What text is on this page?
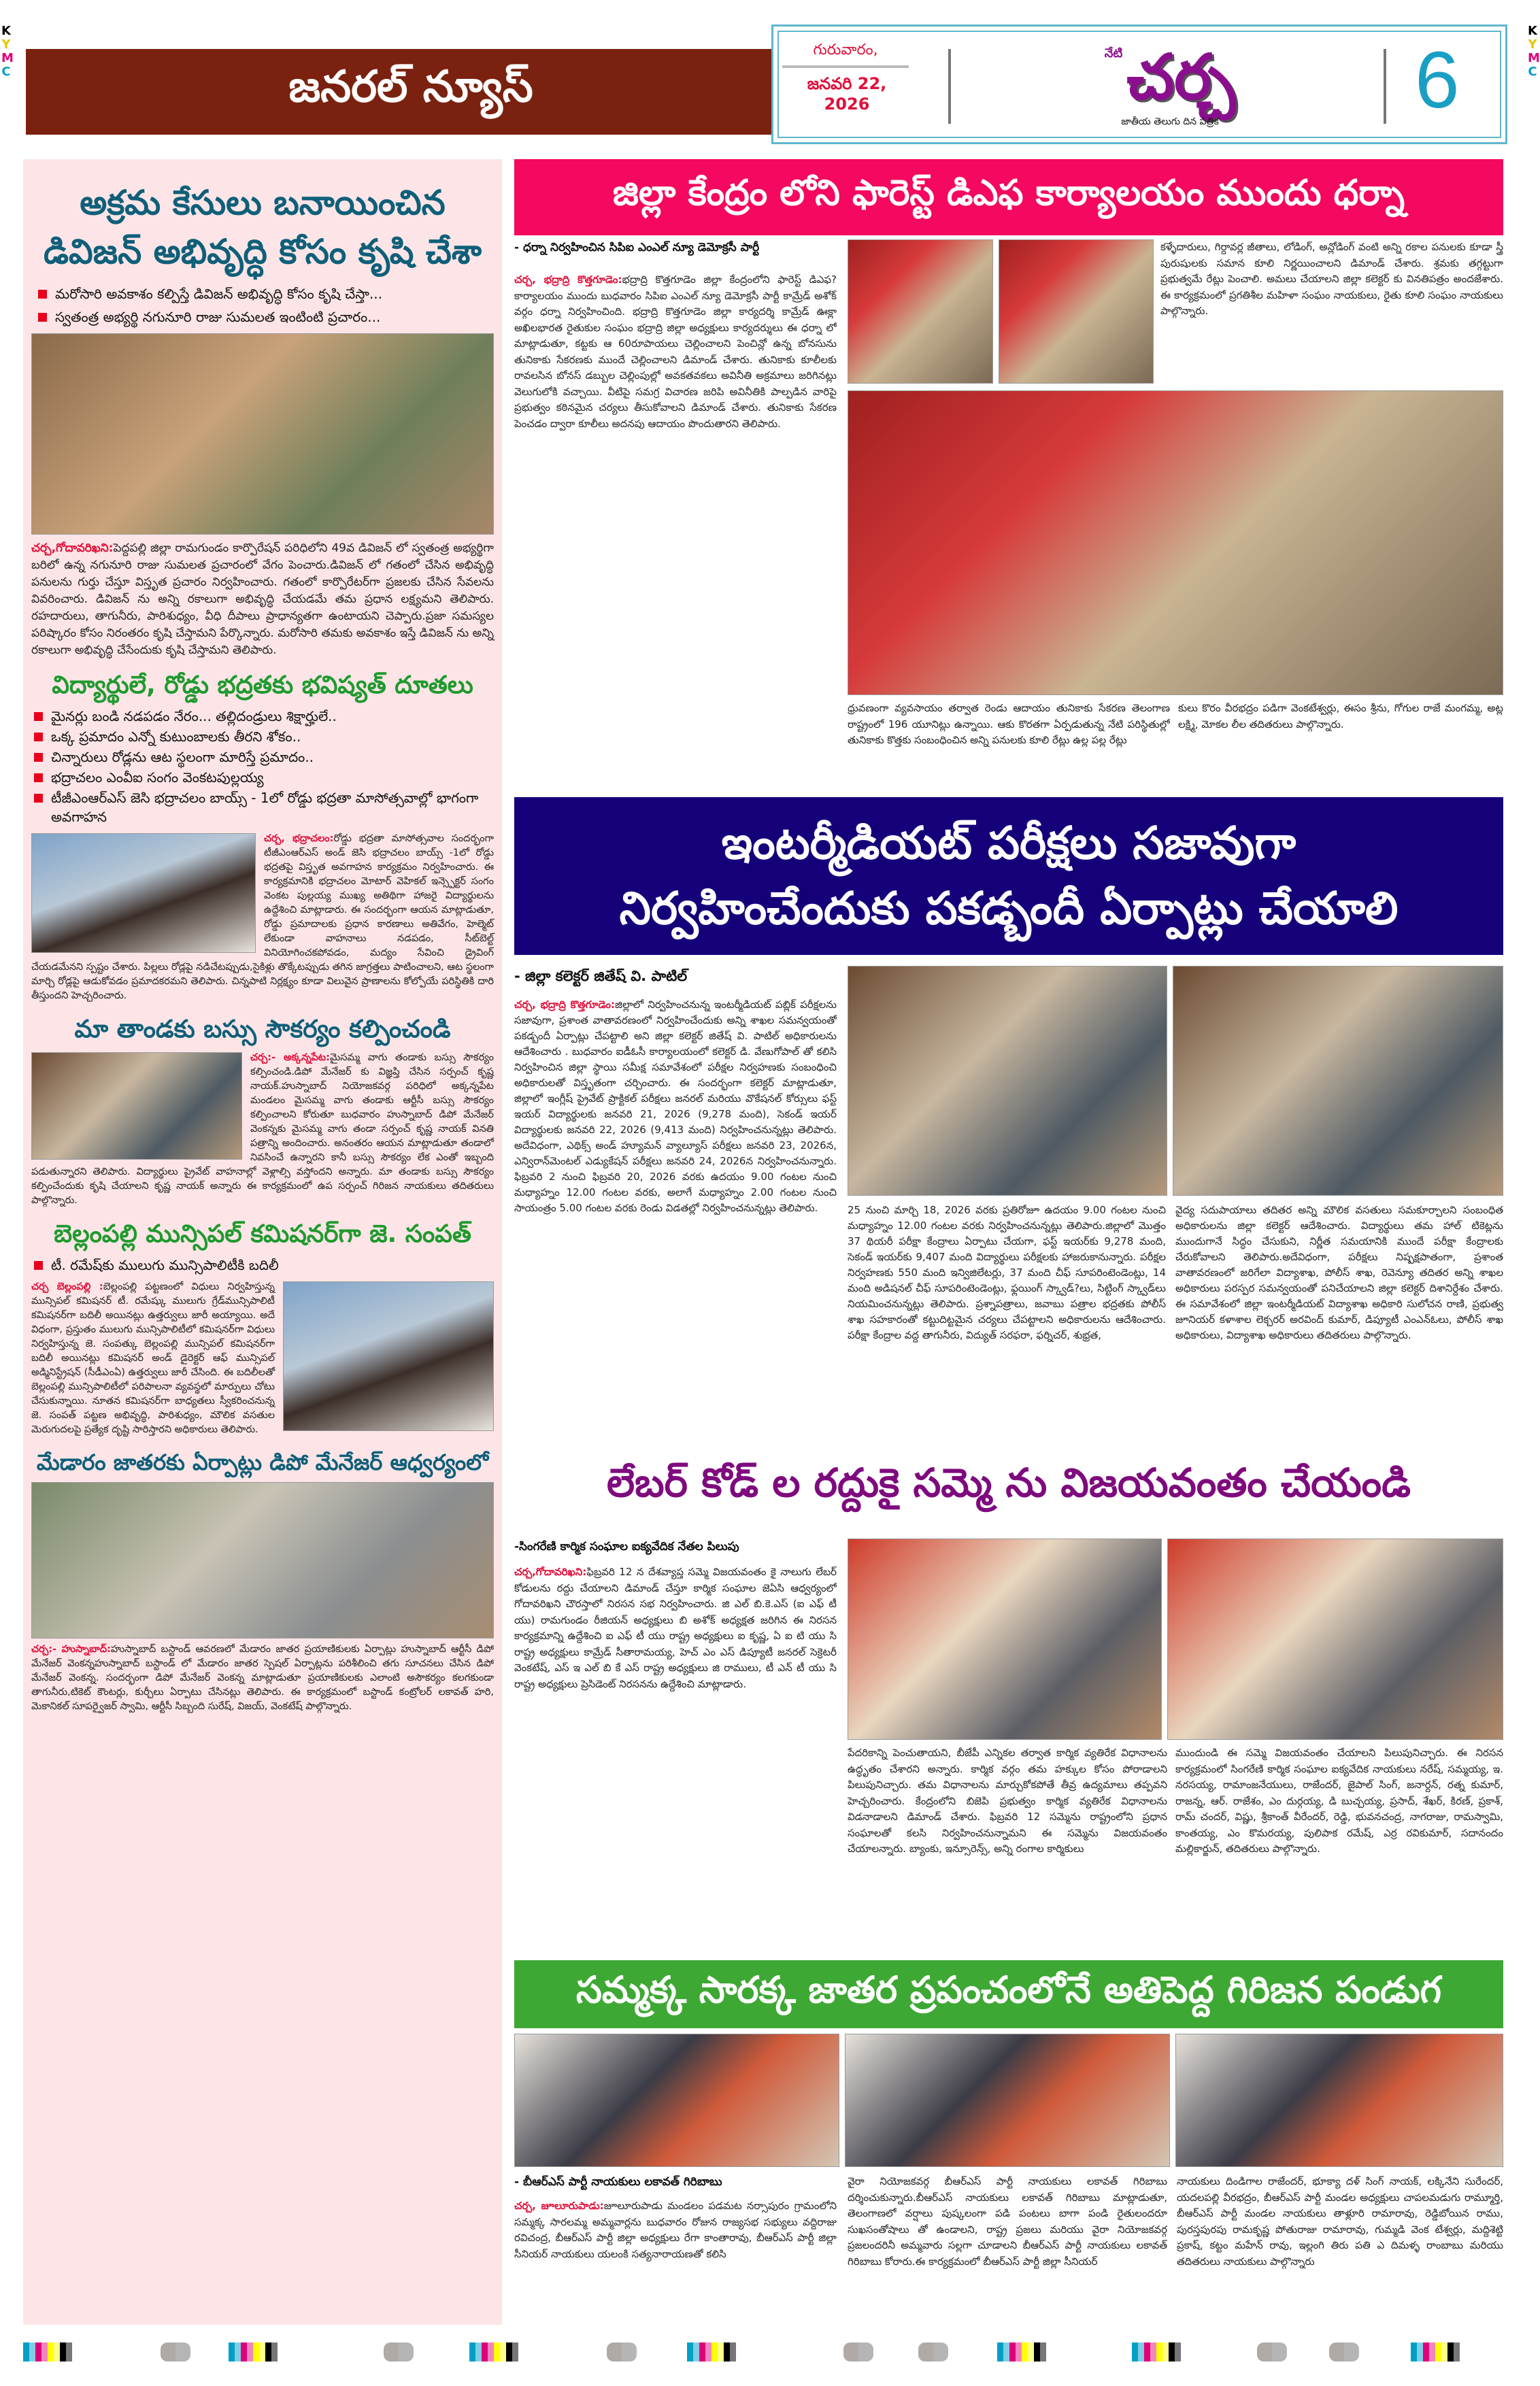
K
Y
M
C
K
Y
M
C
జనరల్ న్యూస్
గురువారం,
జనవరి 22, 2026
నేటి చర్చ
జాతీయ తెలుగు దిన పత్రిక 6
అక్రమ కేసులు బనాయించిన డివిజన్ అభివృద్ధి కోసం కృషి చేశా
మరోసారి అవకాశం కల్పిస్తే డివిజన్ అభివృద్ధి కోసం కృషి చేస్తా...
స్వతంత్ర అభ్యర్థి నగునూరి రాజు సుమలత ఇంటింటి ప్రచారం...
చర్చ,గోదావరిఖని:పెద్దపల్లి జిల్లా రామగుండం కార్పొరేషన్ పరిధిలోని 49వ డివిజన్ లో స్వతంత్ర అభ్యర్థిగా బరిలో ఉన్న నగునూరి రాజు సుమలత ప్రచారంలో వేగం పెంచారు.డివిజన్ లో గతంలో చేసిన అభివృద్ధి పనులను గుర్తు చేస్తూ విస్తృత ప్రచారం నిర్వహించారు. గతంలో కార్పొరేటర్‌గా ప్రజలకు చేసిన సేవలను వివరించారు. డివిజన్ ను అన్ని రకాలుగా అభివృద్ధి చేయడమే తమ ప్రధాన లక్ష్యమని తెలిపారు. రహదారులు, తాగునీరు, పారిశుధ్యం, వీధి దీపాలు ప్రాధాన్యతగా ఉంటాయని చెప్పారు.ప్రజా సమస్యల పరిష్కారం కోసం నిరంతరం కృషి చేస్తామని పేర్కొన్నారు. మరోసారి తమకు అవకాశం ఇస్తే డివిజన్ ను అన్ని రకాలుగా అభివృద్ధి చేసేందుకు కృషి చేస్తామని తెలిపారు.
విద్యార్థులే, రోడ్డు భద్రతకు భవిష్యత్ దూతలు
మైనర్లు బండి నడపడం నేరం... తల్లిదండ్రులు శిక్షార్హులే..
ఒక్క ప్రమాదం ఎన్నో కుటుంబాలకు తీరని శోకం..
చిన్నారులు రోడ్లను ఆట స్థలంగా మారిస్తే ప్రమాదం..
భద్రాచలం ఎంవీఐ సంగం వెంకటపుల్లయ్య
టీజీఎంఆర్ఎస్ జెసి భద్రాచలం బాయ్స్ - 1లో రోడ్డు భద్రతా మాసోత్సవాల్లో భాగంగా అవగాహన
చర్చ, భద్రాచలం:రోడ్డు భద్రతా మాసోత్సవాల సందర్భంగా టీజీఎంఆర్ఎస్ అండ్ జెసి భద్రాచలం బాయ్స్ -1లో రోడ్డు భద్రతపై విస్తృత అవగాహన కార్యక్రమం నిర్వహించారు. ఈ కార్యక్రమానికి భద్రాచలం మోటార్ వెహికల్ ఇన్స్పెక్టర్ సంగం వెంకట పుల్లయ్య ముఖ్య అతిథిగా హాజరై విద్యార్థులను ఉద్దేశించి మాట్లాడారు. ఈ సందర్భంగా ఆయన మాట్లాడుతూ, రోడ్డు ప్రమాదాలకు ప్రధాన కారణాలు అతివేగం, హెల్మెట్ లేకుండా వాహనాలు నడపడం, సీట్‌బెల్ట్ వినియోగించకపోవడం, మద్యం సేవించి డ్రైవింగ్ చేయడమేనని స్పష్టం చేశారు. పిల్లలు రోడ్లపై నడిచేటప్పుడు,సైకిళ్లు తొక్కేటప్పుడు తగిన జాగ్రత్తలు పాటించాలని, ఆట స్థలంగా మార్చి రోడ్లపై ఆడుకోవడం ప్రమాదకరమని తెలిపారు. చిన్నపాటి నిర్లక్ష్యం కూడా విలువైన ప్రాణాలను కోల్పోయే పరిస్థితికి దారి తీస్తుందని హెచ్చరించారు.
మా తాండకు బస్సు సౌకర్యం కల్పించండి
చర్చ:- అక్కన్నపేట:మైసమ్మ వాగు తండాకు బస్సు సౌకర్యం కల్పించండి.డిపో మేనేజర్ కు విజ్ఞప్తి చేసిన సర్పంచ్ కృష్ణ నాయక్.హుస్నాబాద్ నియోజకవర్గ పరిధిలో అక్కన్నపేట మండలం మైసమ్మ వాగు తండాకు ఆర్టీసీ బస్సు సౌకర్యం కల్పించాలని కోరుతూ బుధవారం హుస్నాబాద్ డిపో మేనేజర్ వెంకన్నకు మైసమ్మ వాగు తండా సర్పంచ్ కృష్ణ నాయక్ వినతి పత్రాన్ని అందించారు. అనంతరం ఆయన మాట్లాడుతూ తండాలో నివసించే ఉన్నారని కానీ బస్సు సౌకర్యం లేక ఎంతో ఇబ్బంది పడుతున్నారని తెలిపారు. విద్యార్థులు ప్రైవేట్ వాహనాల్లో వెళ్లాల్సి వస్తోందని అన్నారు. మా తండాకు బస్సు సౌకర్యం కల్పించేందుకు కృషి చేయాలని కృష్ణ నాయక్ అన్నారు ఈ కార్యక్రమంలో ఉప సర్పంచ్ గిరిజన నాయకులు తదితరులు పాల్గొన్నారు.
బెల్లంపల్లి మున్సిపల్ కమిషనర్‌గా జె. సంపత్
టీ. రమేష్‌కు ములుగు మున్సిపాలిటీకి బదిలీ
చర్చ బెల్లంపల్లి :బెల్లంపల్లి పట్టణంలో విధులు నిర్వహిస్తున్న మున్సిపల్ కమిషనర్ టీ. రమేష్కు ములుగు గ్రేడ్‌మున్సిపాలిటీ కమిషనర్‌గా బదిలీ అయినట్లు ఉత్తర్వులు జారీ అయ్యాయి. అదే విధంగా, ప్రస్తుతం ములుగు మున్సిపాలిటీలో కమిషనర్‌గా విధులు నిర్వహిస్తున్న జె. సంపత్కు బెల్లంపల్లి మున్సిపల్ కమిషనర్‌గా బదిలీ అయినట్లు కమిషనర్ అండ్ డైరెక్టర్ ఆఫ్ మున్సిపల్ అడ్మినిస్ట్రేషన్ (సీడీఎంఏ) ఉత్తర్వులు జారీ చేసింది. ఈ బదిలీలతో బెల్లంపల్లి మున్సిపాలిటీలో పరిపాలనా వ్యవస్థలో మార్పులు చోటు చేసుకున్నాయి. నూతన కమిషనర్‌గా బాధ్యతలు స్వీకరించనున్న జె. సంపత్ పట్టణ అభివృద్ధి, పారిశుధ్యం, మౌలిక వసతుల మెరుగుదలపై ప్రత్యేక దృష్టి సారిస్తారని అధికారులు తెలిపారు.
మేడారం జాతరకు ఏర్పాట్లు డిపో మేనేజర్ ఆధ్వర్యంలో
చర్చ:- హుస్నాబాద్:హుస్నాబాద్ బస్టాండ్ ఆవరణలో మేడారం జాతర ప్రయాణికులకు ఏర్పాట్లు హుస్నాబాద్ ఆర్టీసీ డిపో మేనేజర్ వెంకన్నహుస్నాబాద్ బస్టాండ్ లో మేడారం జాతర స్పెషల్ ఏర్పాట్లను పరిశీలించి తగు సూచనలు చేసిన డిపో మేనేజర్ వెంకన్న. సందర్భంగా డిపో మేనేజర్ వెంకన్న మాట్లాడుతూ ప్రయాణికులకు ఎలాంటి అసౌకర్యం కలగకుండా తాగునీరు,టికెట్ కౌంటర్లు, కుర్చీలు ఏర్పాటు చేసినట్లు తెలిపారు. ఈ కార్యక్రమంలో బస్టాండ్ కంట్రోలర్ లకావత్ హరి, మెకానికల్ సూపర్వైజర్ స్వామి, ఆర్టీసీ సిబ్బంది సురేష్, విజయ్, వెంకటేష్ పాల్గొన్నారు.
జిల్లా కేంద్రం లోని ఫారెస్ట్ డిఎఫ కార్యాలయం ముందు ధర్నా
- ధర్నా నిర్వహించిన సిపిఐ ఎంఎల్ న్యూ డెమోక్రసీ పార్టీ
చర్చ, భద్రాద్రి కొత్తగూడెం:భద్రాద్రి కొత్తగూడెం జిల్లా కేంద్రంలోని ఫారెస్ట్ డిఎఫ? కార్యాలయం ముందు బుధవారం సిపిఐ ఎంఎల్ న్యూ డెమోక్రసీ పార్టీ కామ్రేడ్ అశోక్ వర్గం ధర్నా నిర్వహించింది. భద్రాద్రి కొత్తగూడెం జిల్లా కార్యదర్శి కామ్రేడ్ ఊక్లా అఖిలభారత రైతుకుల సంఘం భద్రాద్రి జిల్లా అధ్యక్షులు కార్యదర్శులు ఈ ధర్నా లో మాట్లాడుతూ, కట్టకు ఆ 60రూపాయలు చెల్లించాలని పెంచిన్లో ఉన్న బోనసును తునికాకు సేకరణకు ముందే చెల్లించాలని డిమాండ్ చేశారు. తునికాకు కూలీలకు రావలసిన బోనస్ డబ్బుల చెల్లింపుల్లో అవకతవకలు అవినీతి అక్రమాలు జరిగినట్లు వెలుగులోకి వచ్చాయి. వీటిపై సమగ్ర విచారణ జరిపి అవినీతికి పాల్పడిన వారిపై ప్రభుత్వం కఠినమైన చర్యలు తీసుకోవాలని డిమాండ్ చేశారు. తునికాకు సేకరణ పెంచడం ద్వారా కూలీలు అదనపు ఆదాయం పొందుతారని తెలిపారు.
కళ్ళేదారులు, గిర్దావర్ల జీతాలు, లోడింగ్, అన్లోడింగ్ వంటి అన్ని రకాల పనులకు కూడా స్త్రీ పురుషులకు సమాన కూలి నిర్ణయించాలని డిమాండ్ చేశారు. శ్రమకు తగ్గట్టుగా ప్రభుత్వమే రేట్లు పెంచాలి. అమలు చేయాలని జిల్లా కలెక్టర్ కు వినతిపత్రం అందజేశారు. ఈ కార్యక్రమంలో ప్రగతిశీల మహిళా సంఘం నాయకులు, రైతు కూలి సంఘం నాయకులు పాల్గొన్నారు.
ధ్రువణంగా వ్యవసాయం తర్వాత రెండు ఆదాయం తునికాకు సేకరణ తెలంగాణ రాష్ట్రంలో 196 యూనిట్లు ఉన్నాయి. ఆకు కొరతగా ఏర్పడుతున్న నేటి పరిస్థితుల్లో తునికాకు కొత్తకు సంబంధించిన అన్ని పనులకు కూలి రేట్లు ఉల్ల పల్ల రేట్లు
కులు కొరం వీరభద్రం పడిగా వెంకటేశ్వర్లు, ఈసం శ్రీను, గోగుల రాజే మంగమ్మ, అట్ల లక్ష్మి, మోకల లీల తదితరులు పాల్గొన్నారు.
ఇంటర్మీడియట్ పరీక్షలు సజావుగా
నిర్వహించేందుకు పకడ్బందీ ఏర్పాట్లు చేయాలి
- జిల్లా కలెక్టర్ జితేష్ వి. పాటిల్
చర్చ, భద్రాద్రి కొత్తగూడెం:జిల్లాలో నిర్వహించనున్న ఇంటర్మీడియట్ పబ్లిక్ పరీక్షలను సజావుగా, ప్రశాంత వాతావరణంలో నిర్వహించేందుకు అన్ని శాఖల సమన్వయంతో పకడ్బందీ ఏర్పాట్లు చేపట్టాలి అని జిల్లా కలెక్టర్ జితేష్ వి. పాటిల్ అధికారులను ఆదేశించారు . బుధవారం ఐడీఓసీ కార్యాలయంలో కలెక్టర్ డి. వేణుగోపాల్ తో కలిసి నిర్వహించిన జిల్లా స్థాయి సమీక్ష సమావేశంలో పరీక్షల నిర్వహణకు సంబంధించి అధికారులతో విస్తృతంగా చర్చించారు. ఈ సందర్భంగా కలెక్టర్ మాట్లాడుతూ, జిల్లాలో ఇంగ్లీష్ ప్రైవేట్ ప్రాక్టికల్ పరీక్షలు జనరల్ మరియు వొకేషనల్ కోర్సులు ఫస్ట్ ఇయర్ విద్యార్థులకు జనవరి 21, 2026 (9,278 మంది), సెకండ్ ఇయర్ విద్యార్థులకు జనవరి 22, 2026 (9,413 మంది) నిర్వహించనున్నట్లు తెలిపారు. అదేవిధంగా, ఎథిక్స్ అండ్ హ్యూమన్ వ్యాల్యూస్ పరీక్షలు జనవరి 23, 2026న, ఎన్విరాన్‌మెంటల్ ఎడ్యుకేషన్ పరీక్షలు జనవరి 24, 2026న నిర్వహించనున్నారు. ఫిబ్రవరి 2 నుంచి ఫిబ్రవరి 20, 2026 వరకు ఉదయం 9.00 గంటల నుంచి మధ్యాహ్నం 12.00 గంటల వరకు, అలాగే మధ్యాహ్నం 2.00 గంటల నుంచి సాయంత్రం 5.00 గంటల వరకు రెండు విడతల్లో నిర్వహించనున్నట్లు తెలిపారు.	25 నుంచి మార్చి 18, 2026 వరకు ప్రతిరోజూ ఉదయం 9.00 గంటల నుంచి మధ్యాహ్నం 12.00 గంటల వరకు నిర్వహించనున్నట్లు తెలిపారు.జిల్లాలో మొత్తం 37 థియరీ పరీక్షా కేంద్రాలు ఏర్పాటు చేయగా, ఫస్ట్ ఇయర్‌కు 9,278 మంది, సెకండ్ ఇయర్‌కు 9,407 మంది విద్యార్థులు పరీక్షలకు హాజరుకానున్నారు. పరీక్షల నిర్వహణకు 550 మంది ఇన్విజిలేటర్లు, 37 మంది చీఫ్ సూపరింటెండెంట్లు, 14 మంది అడిషనల్ చీఫ్ సూపరింటెండెంట్లు, ఫ్లయింగ్ స్క్వాడ్?లు, సిట్టింగ్ స్క్వాడ్‌లు నియమించనున్నట్లు తెలిపారు. ప్రశ్నాపత్రాలు, జవాబు పత్రాల భద్రతకు పోలీస్ శాఖ సహకారంతో కట్టుదిట్టమైన చర్యలు చేపట్టాలని అధికారులను ఆదేశించారు. పరీక్షా కేంద్రాల వద్ద తాగునీరు, విద్యుత్ సరఫరా, ఫర్నిచర్, శుభ్రత,
వైద్య సదుపాయాలు తదితర అన్ని మౌలిక వసతులు సమకూర్చాలని సంబంధిత అధికారులను జిల్లా కలెక్టర్ ఆదేశించారు. విద్యార్థులు తమ హాల్ టికెట్లను ముందుగానే సిద్ధం చేసుకుని, నిర్ణీత సమయానికి ముందే పరీక్షా కేంద్రాలకు చేరుకోవాలని తెలిపారు.అదేవిధంగా, పరీక్షలు నిష్పక్షపాతంగా, ప్రశాంత వాతావరణంలో జరిగేలా విద్యాశాఖ, పోలీస్ శాఖ, రెవెన్యూ తదితర అన్ని శాఖల అధికారులు పరస్పర సమన్వయంతో పనిచేయాలని జిల్లా కలెక్టర్ దిశానిర్దేశం చేశారు. ఈ సమావేశంలో జిల్లా ఇంటర్మీడియట్ విద్యాశాఖ అధికారి సులోచన రాణి, ప్రభుత్వ జూనియర్ కళాశాల లెక్చరర్ అరవింద్ కుమార్, డిప్యూటీ ఎంఎన్ఓలు, పోలీస్ శాఖ అధికారులు, విద్యాశాఖ అధికారులు తదితరులు పాల్గొన్నారు.
లేబర్ కోడ్ ల రద్దుకై సమ్మె ను విజయవంతం చేయండి
-సింగరేణి కార్మిక సంఘాల ఐక్యవేదిక నేతల పిలుపు
చర్చ,గోదావరిఖని:ఫిబ్రవరి 12 న దేశవ్యాప్త సమ్మె విజయవంతం కై నాలుగు లేబర్ కోడులను రద్దు చేయాలని డిమాండ్ చేస్తూ కార్మిక సంఘాల జెఏసి ఆధ్వర్యంలో గోదావరిఖని చౌరస్తాలో నిరసన సభ నిర్వహించారు. జి ఎల్ బి.కె.ఎస్ (ఐ ఎఫ్ టీ యు) రామగుండం రీజియన్ అధ్యక్షులు బి అశోక్ అధ్యక్షత జరిగిన ఈ నిరసన కార్యక్రమాన్ని ఉద్దేశించి ఐ ఎఫ్ టీ యు రాష్ట్ర అధ్యక్షులు ఐ కృష్ణ, ఏ ఐ టి యు సి రాష్ట్ర అధ్యక్షులు కామ్రేడ్ సీతారామయ్య, హెచ్ ఎం ఎస్ డిప్యూటీ జనరల్ సెక్రెటరీ వెంకటేష్, ఎస్ ఇ ఎల్ బి కే ఎస్ రాష్ట్ర అధ్యక్షులు జి రాములు, టీ ఎన్ టీ యు సి రాష్ట్ర అధ్యక్షులు ప్రెసిడెంట్ నిరసనను ఉద్దేశించి మాట్లాడారు.
పేదరికాన్ని పెంచుతాయని, బీజేపీ ఎన్నికల తర్వాత కార్మిక వ్యతిరేక విధానాలను ఉద్ధృతం చేశారని అన్నారు. కార్మిక వర్గం తమ హక్కుల కోసం పోరాడాలని పిలుపునిచ్చారు. తమ విధానాలను మార్చుకోకపోతే తీవ్ర ఉద్యమాలు తప్పవని హెచ్చరించారు. కేంద్రంలోని బిజెపి ప్రభుత్వం కార్మిక వ్యతిరేక విధానాలను విడనాడాలని డిమాండ్ చేశారు. ఫిబ్రవరి 12 సమ్మెను రాష్ట్రంలోని ప్రధాన సంఘాలతో కలసి నిర్వహించనున్నామని ఈ సమ్మెను విజయవంతం చేయాలన్నారు. బ్యాంకు, ఇన్సూరెన్స్, అన్ని రంగాల కార్మికులు
ముందుండి ఈ సమ్మె విజయవంతం చేయాలని పిలుపునిచ్చారు. ఈ నిరసన కార్యక్రమంలో సింగరేణి కార్మిక సంఘాల ఐక్యవేదిక నాయకులు నరేష్, సమ్మయ్య, ఇ. నరసయ్య, రామాంజనేయులు, రాజేందర్, జైపాల్ సింగ్, జనార్దన్, రత్న కుమార్, రాజన్న, ఆర్. రాజేశం, ఎం దుర్గయ్య, డి బుచ్చయ్య, ప్రసాద్, శేఖర్, కిరణ్, ప్రకాశ్, రామ్ చందర్, విష్ణు, శ్రీకాంత్ వీరేందర్, రెడ్డి, భువనచంద్ర, నాగరాజు, రామస్వామి, కాంతయ్య, ఎం కొమరయ్య, పులిపాక రమేష్, ఎర్ర రవికుమార్, సదానందం మల్లికార్జున్, తదితరులు పాల్గొన్నారు.
సమ్మక్క సారక్క జాతర ప్రపంచంలోనే అతిపెద్ద గిరిజన పండుగ
- బీఆర్ఎస్ పార్టీ నాయకులు లకావత్ గిరిబాబు
చర్చ, జూలూరుపాడు:జూలూరుపాడు మండలం పడమట నర్సాపురం గ్రామంలోని సమ్మక్క సారలమ్మ అమ్మవార్లను బుధవారం రోజున రాజ్యసభ సభ్యులు వద్దిరాజు రవిచంద్ర, బీఆర్ఎస్ పార్టీ జిల్లా అధ్యక్షులు రేగా కాంతారావు, బీఆర్ఎస్ పార్టీ జిల్లా సీనియర్ నాయకులు యలంకి సత్యనారాయణతో కలిసి
వైరా నియోజకవర్గ బీఆర్ఎస్ పార్టీ నాయకులు లకావత్ గిరిబాబు దర్శించుకున్నారు.బీఆర్ఎస్ నాయకులు లకావత్ గిరిబాబు మాట్లాడుతూ, తెలంగాణలో వర్షాలు పుష్కలంగా పడి పంటలు బాగా పండి రైతులందరూ సుఖసంతోషాలు తో ఉండాలని, రాష్ట్ర ప్రజలు మరియు వైరా నియోజకవర్గ ప్రజలందరినీ అమ్మవారు సల్లగా చూడాలని బీఆర్ఎస్ పార్టీ నాయకులు లకావత్ గిరిబాబు కోరారు.ఈ కార్యక్రమంలో బీఆర్ఎస్ పార్టీ జిల్లా సీనియర్
నాయకులు దిండిగాల రాజేందర్, భూక్యా దళ్ సింగ్ నాయక్, లక్కినేని సురేందర్, యదలపల్లి వీరభద్రం, బీఆర్ఎస్ పార్టీ మండల అధ్యక్షులు చాపలమడుగు రామ్మూర్తి, బీఆర్ఎస్ పార్టీ మండల నాయకులు తాళ్లూరి రామారావు, రెడ్డిబోయిన రాము, పురస్తపురపు రామకృష్ణ పోతురాజు రామారావు, గుమ్మడి వెంక టేశ్వర్లు, మద్దిశెట్టి ప్రకాష్, కట్టం మహేన్ రావు, ఇల్లంగి తిరు పతి ఎ దిమళ్ళ రాంబాబు మరియు తదితరులు నాయకులు పాల్గొన్నారు
